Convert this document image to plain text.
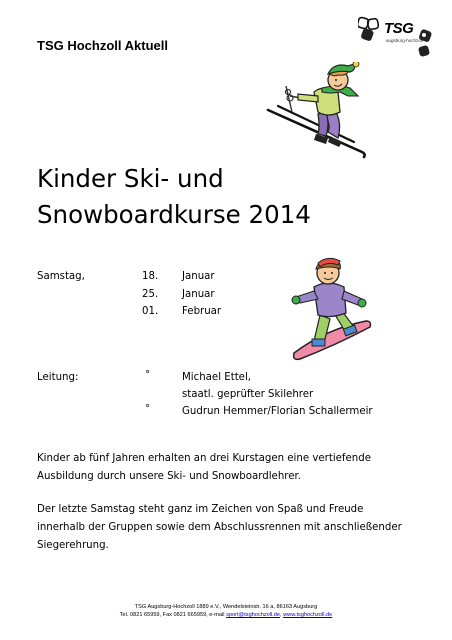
TSG Hochzoll Aktuell
TSG
augsburg-hochzoll
Kinder Ski- und
Snowboardkurse 2014
Samstag,	18. Januar
25. Januar
01. Februar
Leitung:	°	Michael Ettel,
staatl. geprüfter Skilehrer
°	Gudrun Hemmer/Florian Schallermeir
Kinder ab fünf Jahren erhalten an drei Kurstagen eine vertiefende
Ausbildung durch unsere Ski- und Snowboardlehrer.
Der letzte Samstag steht ganz im Zeichen von Spaß und Freude
innerhalb der Gruppen sowie dem Abschlussrennen mit anschließender
Siegerehrung.
TSG Augsburg-Hochzoll 1889 e.V., Wendelsteinstr. 16 a, 86163 Augsburg
Tel. 0821 65959, Fax 0821 665959, e-mail sport@tsghochzoll.de, www.tsghochzoll.de
